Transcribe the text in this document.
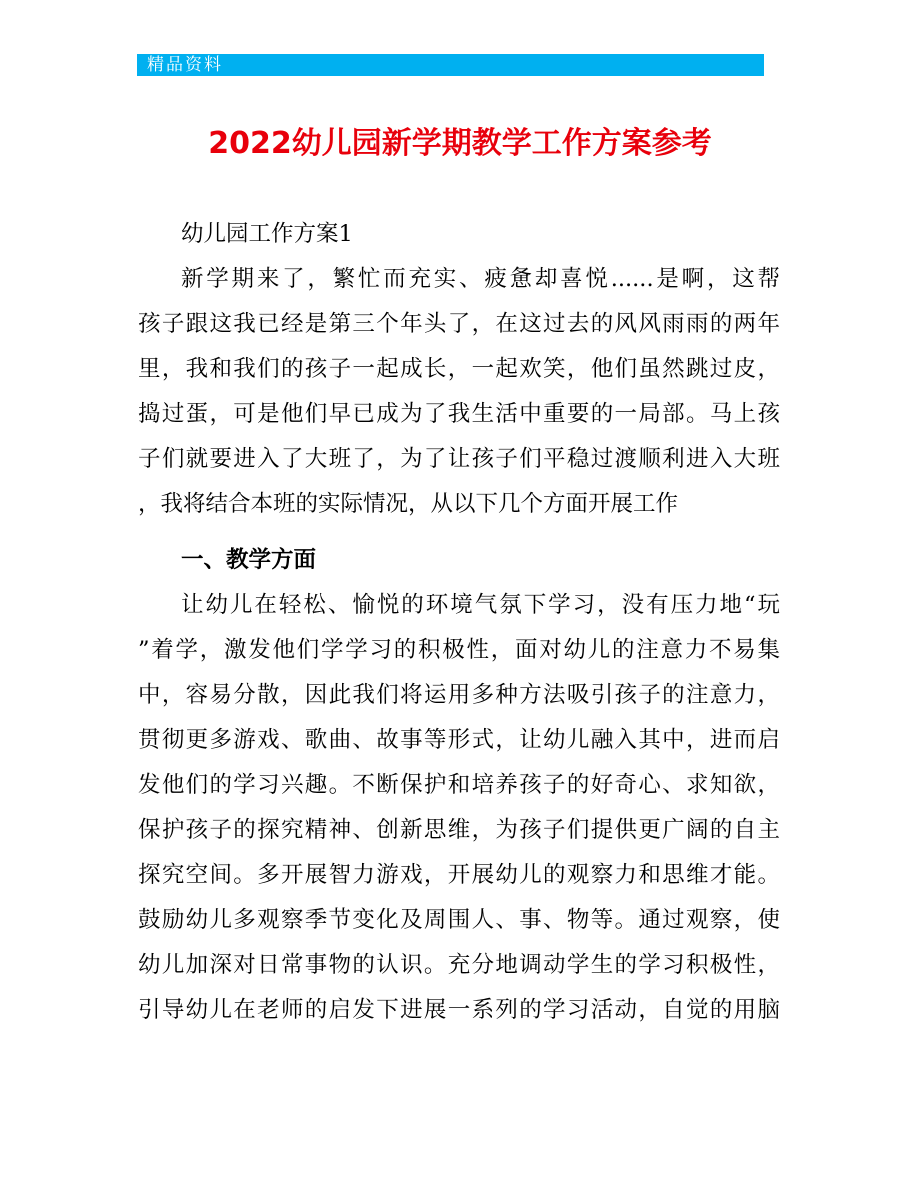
精品资料
2022幼儿园新学期教学工作方案参考
幼儿园工作方案1
新学期来了，繁忙而充实、疲惫却喜悦......是啊，这帮
孩子跟这我已经是第三个年头了，在这过去的风风雨雨的两年
里，我和我们的孩子一起成长，一起欢笑，他们虽然跳过皮，
捣过蛋，可是他们早已成为了我生活中重要的一局部。马上孩
子们就要进入了大班了，为了让孩子们平稳过渡顺利进入大班
，我将结合本班的实际情况，从以下几个方面开展工作
一、教学方面
让幼儿在轻松、愉悦的环境气氛下学习，没有压力地“玩
”着学，激发他们学学习的积极性，面对幼儿的注意力不易集
中，容易分散，因此我们将运用多种方法吸引孩子的注意力，
贯彻更多游戏、歌曲、故事等形式，让幼儿融入其中，进而启
发他们的学习兴趣。不断保护和培养孩子的好奇心、求知欲，
保护孩子的探究精神、创新思维，为孩子们提供更广阔的自主
探究空间。多开展智力游戏，开展幼儿的观察力和思维才能。
鼓励幼儿多观察季节变化及周围人、事、物等。通过观察，使
幼儿加深对日常事物的认识。充分地调动学生的学习积极性，
引导幼儿在老师的启发下进展一系列的学习活动，自觉的用脑
